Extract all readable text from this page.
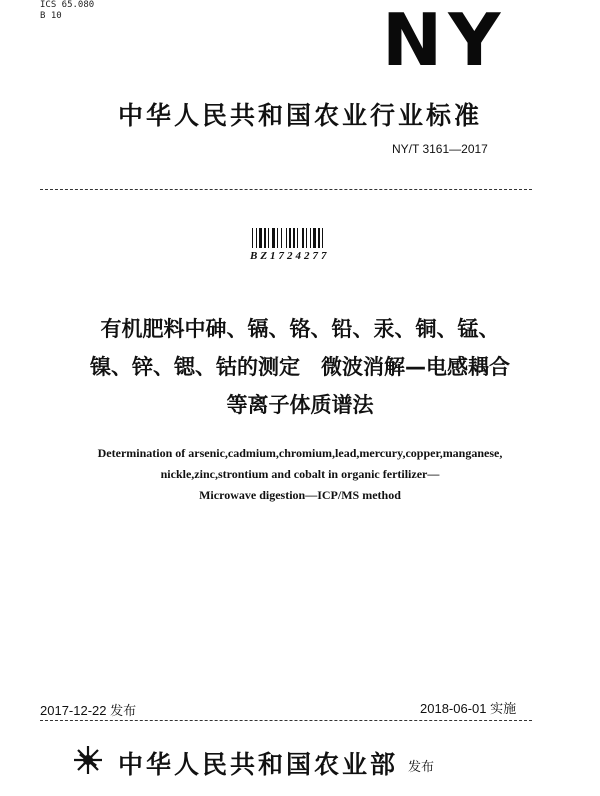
ICS 65.080
B 10	NY
中华人民共和国农业行业标准
NY/T 3161—2017
BZ1724277
有机肥料中砷、镉、铬、铅、汞、铜、锰、
镍、锌、锶、钴的测定　微波消解—电感耦合
等离子体质谱法
Determination of arsenic,cadmium,chromium,lead,mercury,copper,manganese,
nickle,zinc,strontium and cobalt in organic fertilizer—
Microwave digestion—ICP/MS method
2017-12-22 发布	2018-06-01 实施
中华人民共和国农业部 发布
